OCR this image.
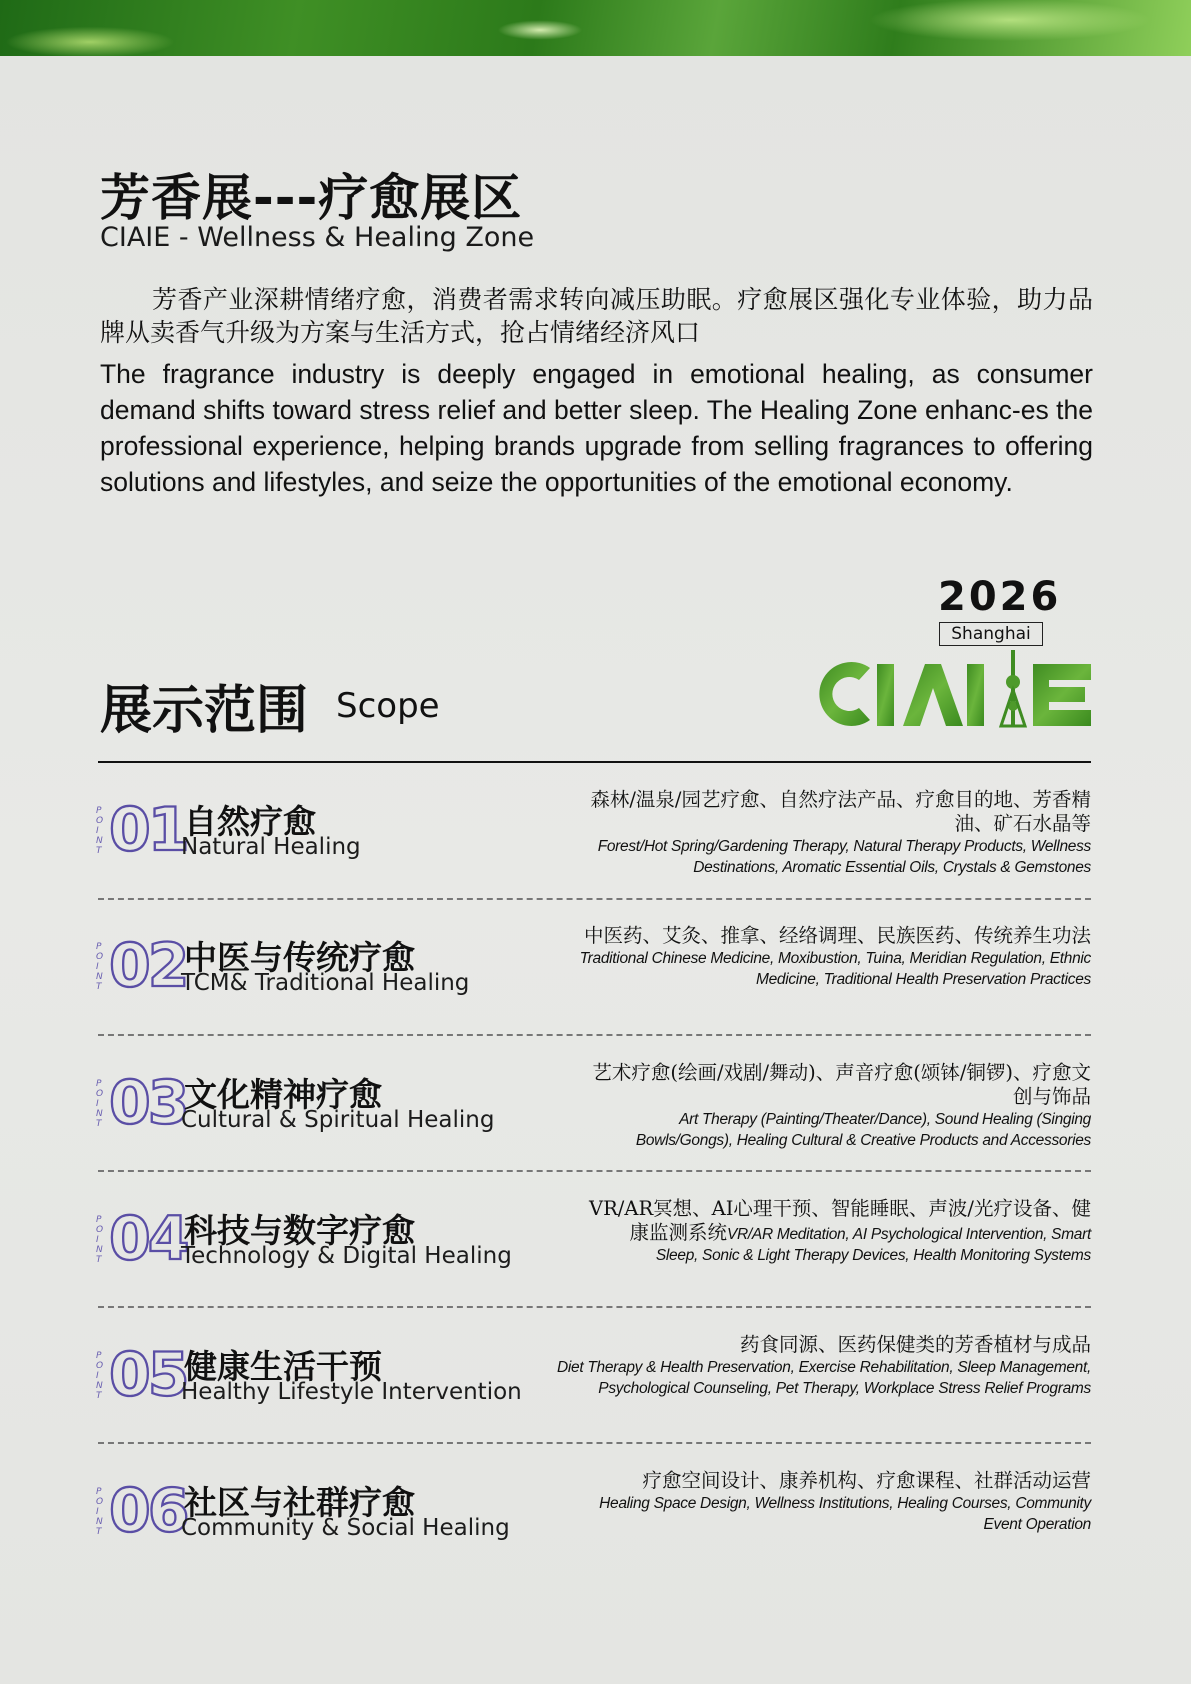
芳香展---疗愈展区
CIAIE - Wellness & Healing Zone
芳香产业深耕情绪疗愈，消费者需求转向减压助眠。疗愈展区强化专业体验，助力品牌从卖香气升级为方案与生活方式，抢占情绪经济风口
The fragrance industry is deeply engaged in emotional healing, as consumer demand shifts toward stress relief and better sleep. The Healing Zone enhanc-es the professional experience, helping brands upgrade from selling fragrances to offering solutions and lifestyles, and seize the opportunities of the emotional economy.
2026
Shanghai
展示范围 Scope
P
O
I
N
T 01
自然疗愈
Natural Healing
森林/温泉/园艺疗愈、自然疗法产品、疗愈目的地、芳香精
油、矿石水晶等
Forest/Hot Spring/Gardening Therapy, Natural Therapy Products, Wellness
Destinations, Aromatic Essential Oils, Crystals & Gemstones
P
O
I
N
T 02
中医与传统疗愈
TCM& Traditional Healing
中医药、艾灸、推拿、经络调理、民族医药、传统养生功法
Traditional Chinese Medicine, Moxibustion, Tuina, Meridian Regulation, Ethnic
Medicine, Traditional Health Preservation Practices
P
O
I
N
T 03
文化精神疗愈
Cultural & Spiritual Healing
艺术疗愈(绘画/戏剧/舞动)、声音疗愈(颂钵/铜锣)、疗愈文
创与饰品
Art Therapy (Painting/Theater/Dance), Sound Healing (Singing
Bowls/Gongs), Healing Cultural & Creative Products and Accessories
P
O
I
N
T 04
科技与数字疗愈
Technology & Digital Healing
VR/AR冥想、AI心理干预、智能睡眠、声波/光疗设备、健
康监测系统VR/AR Meditation, AI Psychological Intervention, Smart
Sleep, Sonic & Light Therapy Devices, Health Monitoring Systems
P
O
I
N
T 05
健康生活干预
Healthy Lifestyle Intervention
药食同源、医药保健类的芳香植材与成品
Diet Therapy & Health Preservation, Exercise Rehabilitation, Sleep Management,
Psychological Counseling, Pet Therapy, Workplace Stress Relief Programs
P
O
I
N
T 06
社区与社群疗愈
Community & Social Healing
疗愈空间设计、康养机构、疗愈课程、社群活动运营
Healing Space Design, Wellness Institutions, Healing Courses, Community
Event Operation
